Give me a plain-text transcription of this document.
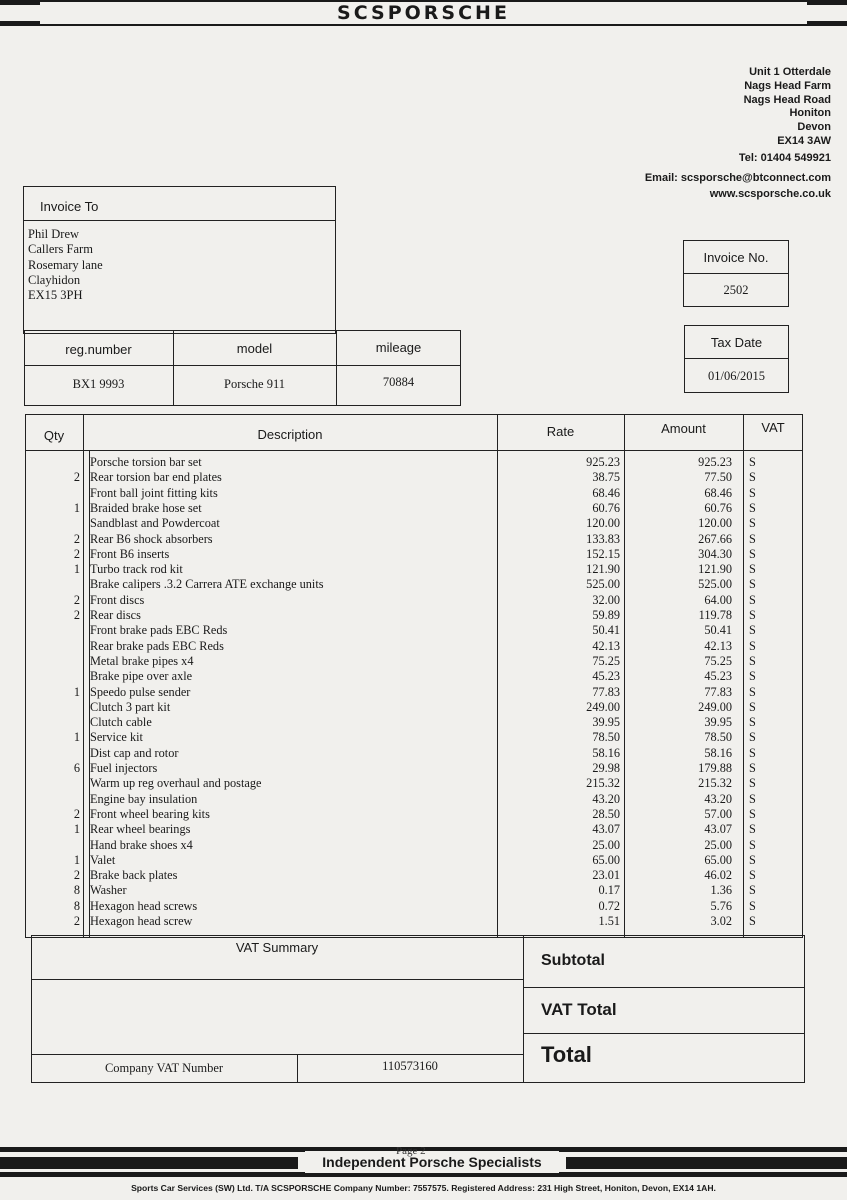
SCSPORSCHE
Unit 1 Otterdale
Nags Head Farm
Nags Head Road
Honiton
Devon
EX14 3AW
Tel: 01404 549921
Email: scsporsche@btconnect.com
www.scsporsche.co.uk
Invoice To
Phil Drew
Callers Farm
Rosemary lane
Clayhidon
EX15 3PH
reg.number	model	mileage
BX1 9993	Porsche 911	70884
Invoice No.
2502
Tax Date
01/06/2015
Qty	Description	Rate	Amount	VAT
Porsche torsion bar set	925.23	925.23 S
2 Rear torsion bar end plates	38.75	77.50 S
Front ball joint fitting kits	68.46	68.46 S
1 Braided brake hose set	60.76	60.76 S
Sandblast and Powdercoat	120.00	120.00 S
2 Rear B6 shock absorbers	133.83	267.66 S
2 Front B6 inserts	152.15	304.30 S
1 Turbo track rod kit	121.90	121.90 S
Brake calipers .3.2 Carrera ATE exchange units	525.00	525.00 S
2 Front discs	32.00	64.00 S
2 Rear discs	59.89	119.78 S
Front brake pads EBC Reds	50.41	50.41 S
Rear brake pads EBC Reds	42.13	42.13 S
Metal brake pipes x4	75.25	75.25 S
Brake pipe over axle	45.23	45.23 S
1 Speedo pulse sender	77.83	77.83 S
Clutch 3 part kit	249.00	249.00 S
Clutch cable	39.95	39.95 S
1 Service kit	78.50	78.50 S
Dist cap and rotor	58.16	58.16 S
6 Fuel injectors	29.98	179.88 S
Warm up reg overhaul and postage	215.32	215.32 S
Engine bay insulation	43.20	43.20 S
2 Front wheel bearing kits	28.50	57.00 S
1 Rear wheel bearings	43.07	43.07 S
Hand brake shoes x4	25.00	25.00 S
1 Valet	65.00	65.00 S
2 Brake back plates	23.01	46.02 S
8 Washer	0.17	1.36 S
8 Hexagon head screws	0.72	5.76 S
2 Hexagon head screw	1.51	3.02 S
VAT Summary
Subtotal
VAT Total
Total
Company VAT Number	110573160
Independent Porsche Specialists
Page 2
Sports Car Services (SW) Ltd. T/A SCSPORSCHE Company Number: 7557575. Registered Address: 231 High Street, Honiton, Devon, EX14 1AH.
